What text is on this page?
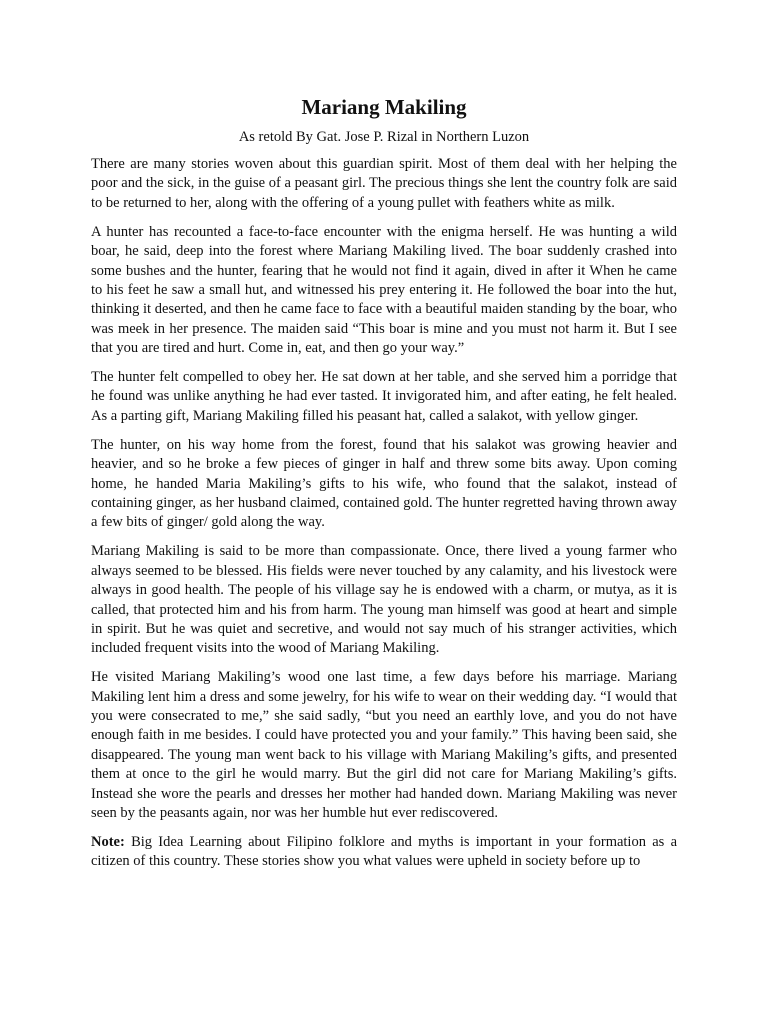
Mariang Makiling

As retold By Gat. Jose P. Rizal in Northern Luzon

There are many stories woven about this guardian spirit. Most of them deal with her helping the poor and the sick, in the guise of a peasant girl. The precious things she lent the country folk are said to be returned to her, along with the offering of a young pullet with feathers white as milk.

A hunter has recounted a face-to-face encounter with the enigma herself. He was hunting a wild boar, he said, deep into the forest where Mariang Makiling lived. The boar suddenly crashed into some bushes and the hunter, fearing that he would not find it again, dived in after it When he came to his feet he saw a small hut, and witnessed his prey entering it. He followed the boar into the hut, thinking it deserted, and then he came face to face with a beautiful maiden standing by the boar, who was meek in her presence. The maiden said “This boar is mine and you must not harm it. But I see that you are tired and hurt. Come in, eat, and then go your way.”

The hunter felt compelled to obey her. He sat down at her table, and she served him a porridge that he found was unlike anything he had ever tasted. It invigorated him, and after eating, he felt healed. As a parting gift, Mariang Makiling filled his peasant hat, called a salakot, with yellow ginger.

The hunter, on his way home from the forest, found that his salakot was growing heavier and heavier, and so he broke a few pieces of ginger in half and threw some bits away. Upon coming home, he handed Maria Makiling’s gifts to his wife, who found that the salakot, instead of containing ginger, as her husband claimed, contained gold. The hunter regretted having thrown away a few bits of ginger/ gold along the way.

Mariang Makiling is said to be more than compassionate. Once, there lived a young farmer who always seemed to be blessed. His fields were never touched by any calamity, and his livestock were always in good health. The people of his village say he is endowed with a charm, or mutya, as it is called, that protected him and his from harm. The young man himself was good at heart and simple in spirit. But he was quiet and secretive, and would not say much of his stranger activities, which included frequent visits into the wood of Mariang Makiling.

He visited Mariang Makiling’s wood one last time, a few days before his marriage. Mariang Makiling lent him a dress and some jewelry, for his wife to wear on their wedding day. “I would that you were consecrated to me,” she said sadly, “but you need an earthly love, and you do not have enough faith in me besides. I could have protected you and your family.” This having been said, she disappeared. The young man went back to his village with Mariang Makiling’s gifts, and presented them at once to the girl he would marry. But the girl did not care for Mariang Makiling’s gifts. Instead she wore the pearls and dresses her mother had handed down. Mariang Makiling was never seen by the peasants again, nor was her humble hut ever rediscovered.

Note: Big Idea Learning about Filipino folklore and myths is important in your formation as a citizen of this country. These stories show you what values were upheld in society before up to
